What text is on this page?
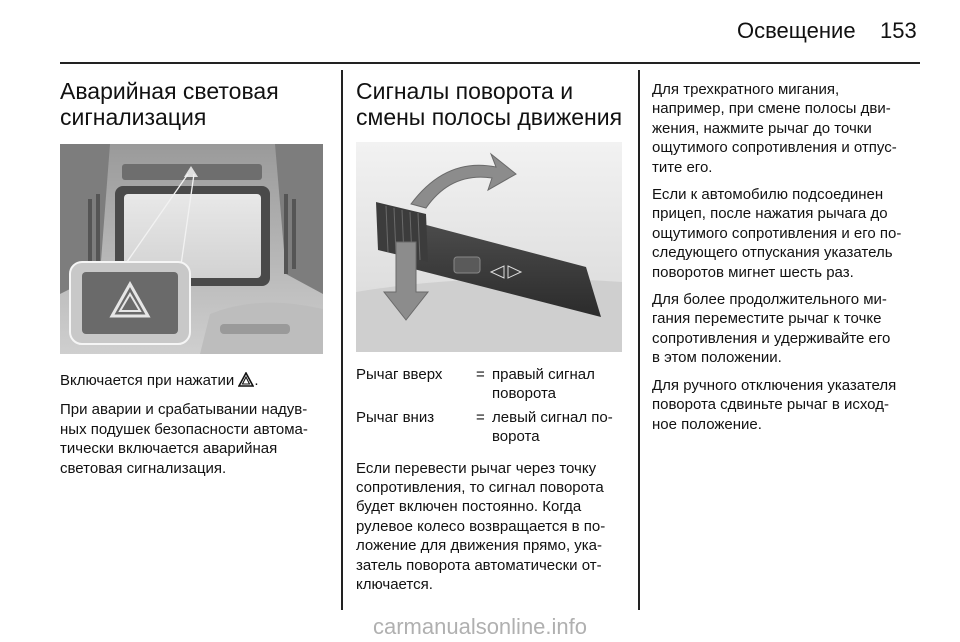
Освещение 153
Аварийная световая
сигнализация

Включается при нажатии .

При аварии и срабатывании надув-
ных подушек безопасности автома-
тически включается аварийная
световая сигнализация.

Сигналы поворота и
смены полосы движения
Рычаг вверх	= правый сигнал
поворота
Рычаг вниз	= левый сигнал по-
ворота

Если перевести рычаг через точку
сопротивления, то сигнал поворота
будет включен постоянно. Когда
рулевое колесо возвращается в по-
ложение для движения прямо, ука-
затель поворота автоматически от-
ключается.

Для трехкратного мигания,
например, при смене полосы дви-
жения, нажмите рычаг до точки
ощутимого сопротивления и отпус-
тите его.

Если к автомобилю подсоединен
прицеп, после нажатия рычага до
ощутимого сопротивления и его по-
следующего отпускания указатель
поворотов мигнет шесть раз.

Для более продолжительного ми-
гания переместите рычаг к точке
сопротивления и удерживайте его
в этом положении.

Для ручного отключения указателя
поворота сдвиньте рычаг в исход-
ное положение.

carmanualsonline.info
